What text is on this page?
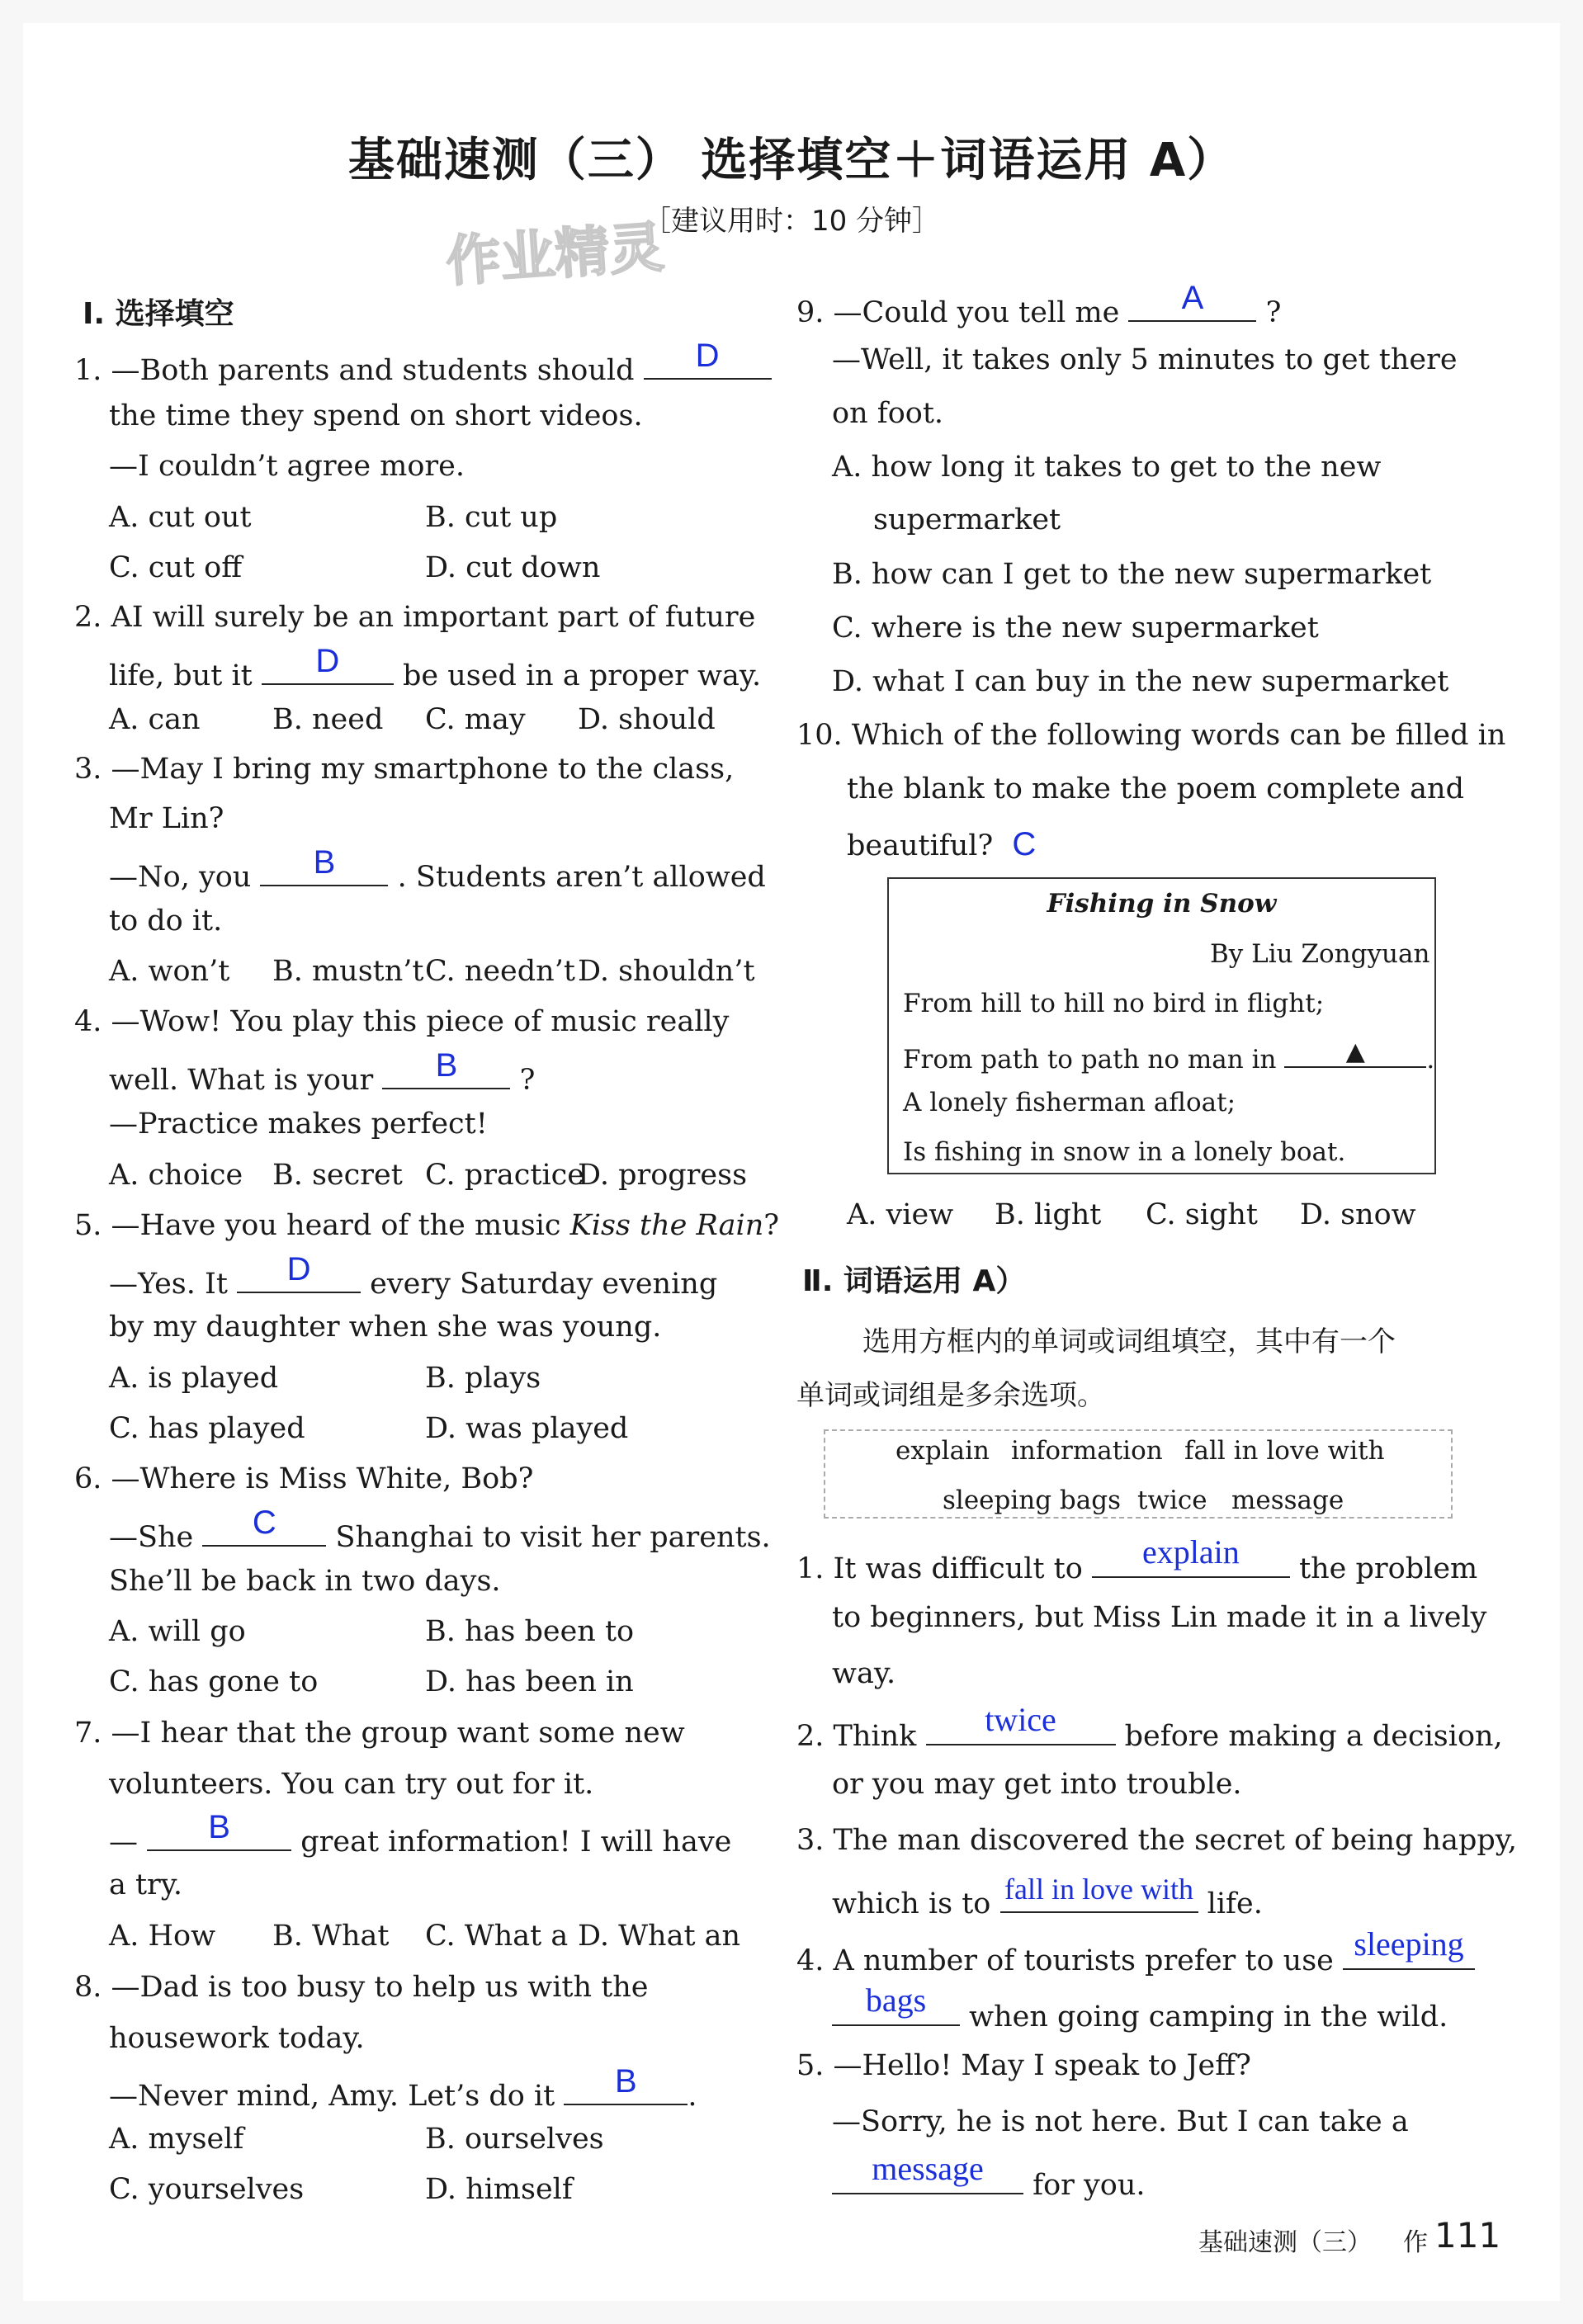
基础速测（三） 选择填空＋词语运用 A）
［建议用时：10 分钟］
作业精灵
Ⅰ. 选择填空
1. —Both parents and students should	D
the time they spend on short videos.
—I couldn’t agree more.
A. cut out	B. cut up
C. cut off	D. cut down
2. AI will surely be an important part of future
life, but it	D	be used in a proper way.
A. can B. need C. may D. should
3. —May I bring my smartphone to the class,
Mr Lin?
—No, you	B	. Students aren’t allowed
to do it.
A. won’t B. mustn’t C. needn’t D. shouldn’t
4. —Wow! You play this piece of music really
well. What is your	B	?
—Practice makes perfect!
A. choice B. secret C. practice
D. progress
5. —Have you heard of the music Kiss the Rain?
—Yes. It	D	every Saturday evening
by my daughter when she was young.
A. is played	B. plays
C. has played	D. was played
6. —Where is Miss White, Bob?
—She	C	Shanghai to visit her parents.
She’ll be back in two days.
A. will go	B. has been to
C. has gone to	D. has been in
7. —I hear that the group want some new
volunteers. You can try out for it.
—	B	great information! I will have
a try.
A. How B. What C. What a D. What an
8. —Dad is too busy to help us with the
housework today.
—Never mind, Amy. Let’s do it	B	.
A. myself	B. ourselves
C. yourselves	D. himself
9. —Could you tell me	A	?
—Well, it takes only 5 minutes to get there
on foot.
A. how long it takes to get to the new
supermarket
B. how can I get to the new supermarket
C. where is the new supermarket
D. what I can buy in the new supermarket
10. Which of the following words can be filled in
the blank to make the poem complete and
beautiful? C
Fishing in Snow
By Liu Zongyuan
From hill to hill no bird in flight;
From path to path no man in	▲	.
A lonely fisherman afloat;
Is fishing in snow in a lonely boat.
A. view B. light C. sight D. snow
Ⅱ. 词语运用 A）
选用方框内的单词或词组填空，其中有一个
单词或词组是多余选项。
explain information fall in love with
sleeping bags twice message
1. It was difficult to	explain	the problem
to beginners, but Miss Lin made it in a lively
way.
2. Think	twice	before making a decision,
or you may get into trouble.
3. The man discovered the secret of being happy,
which is to fall in love with life.
4. A number of tourists prefer to use sleeping
bags	when going camping in the wild.
5. —Hello! May I speak to Jeff?
—Sorry, he is not here. But I can take a
message	for you.
基础速测（三） 作 111
